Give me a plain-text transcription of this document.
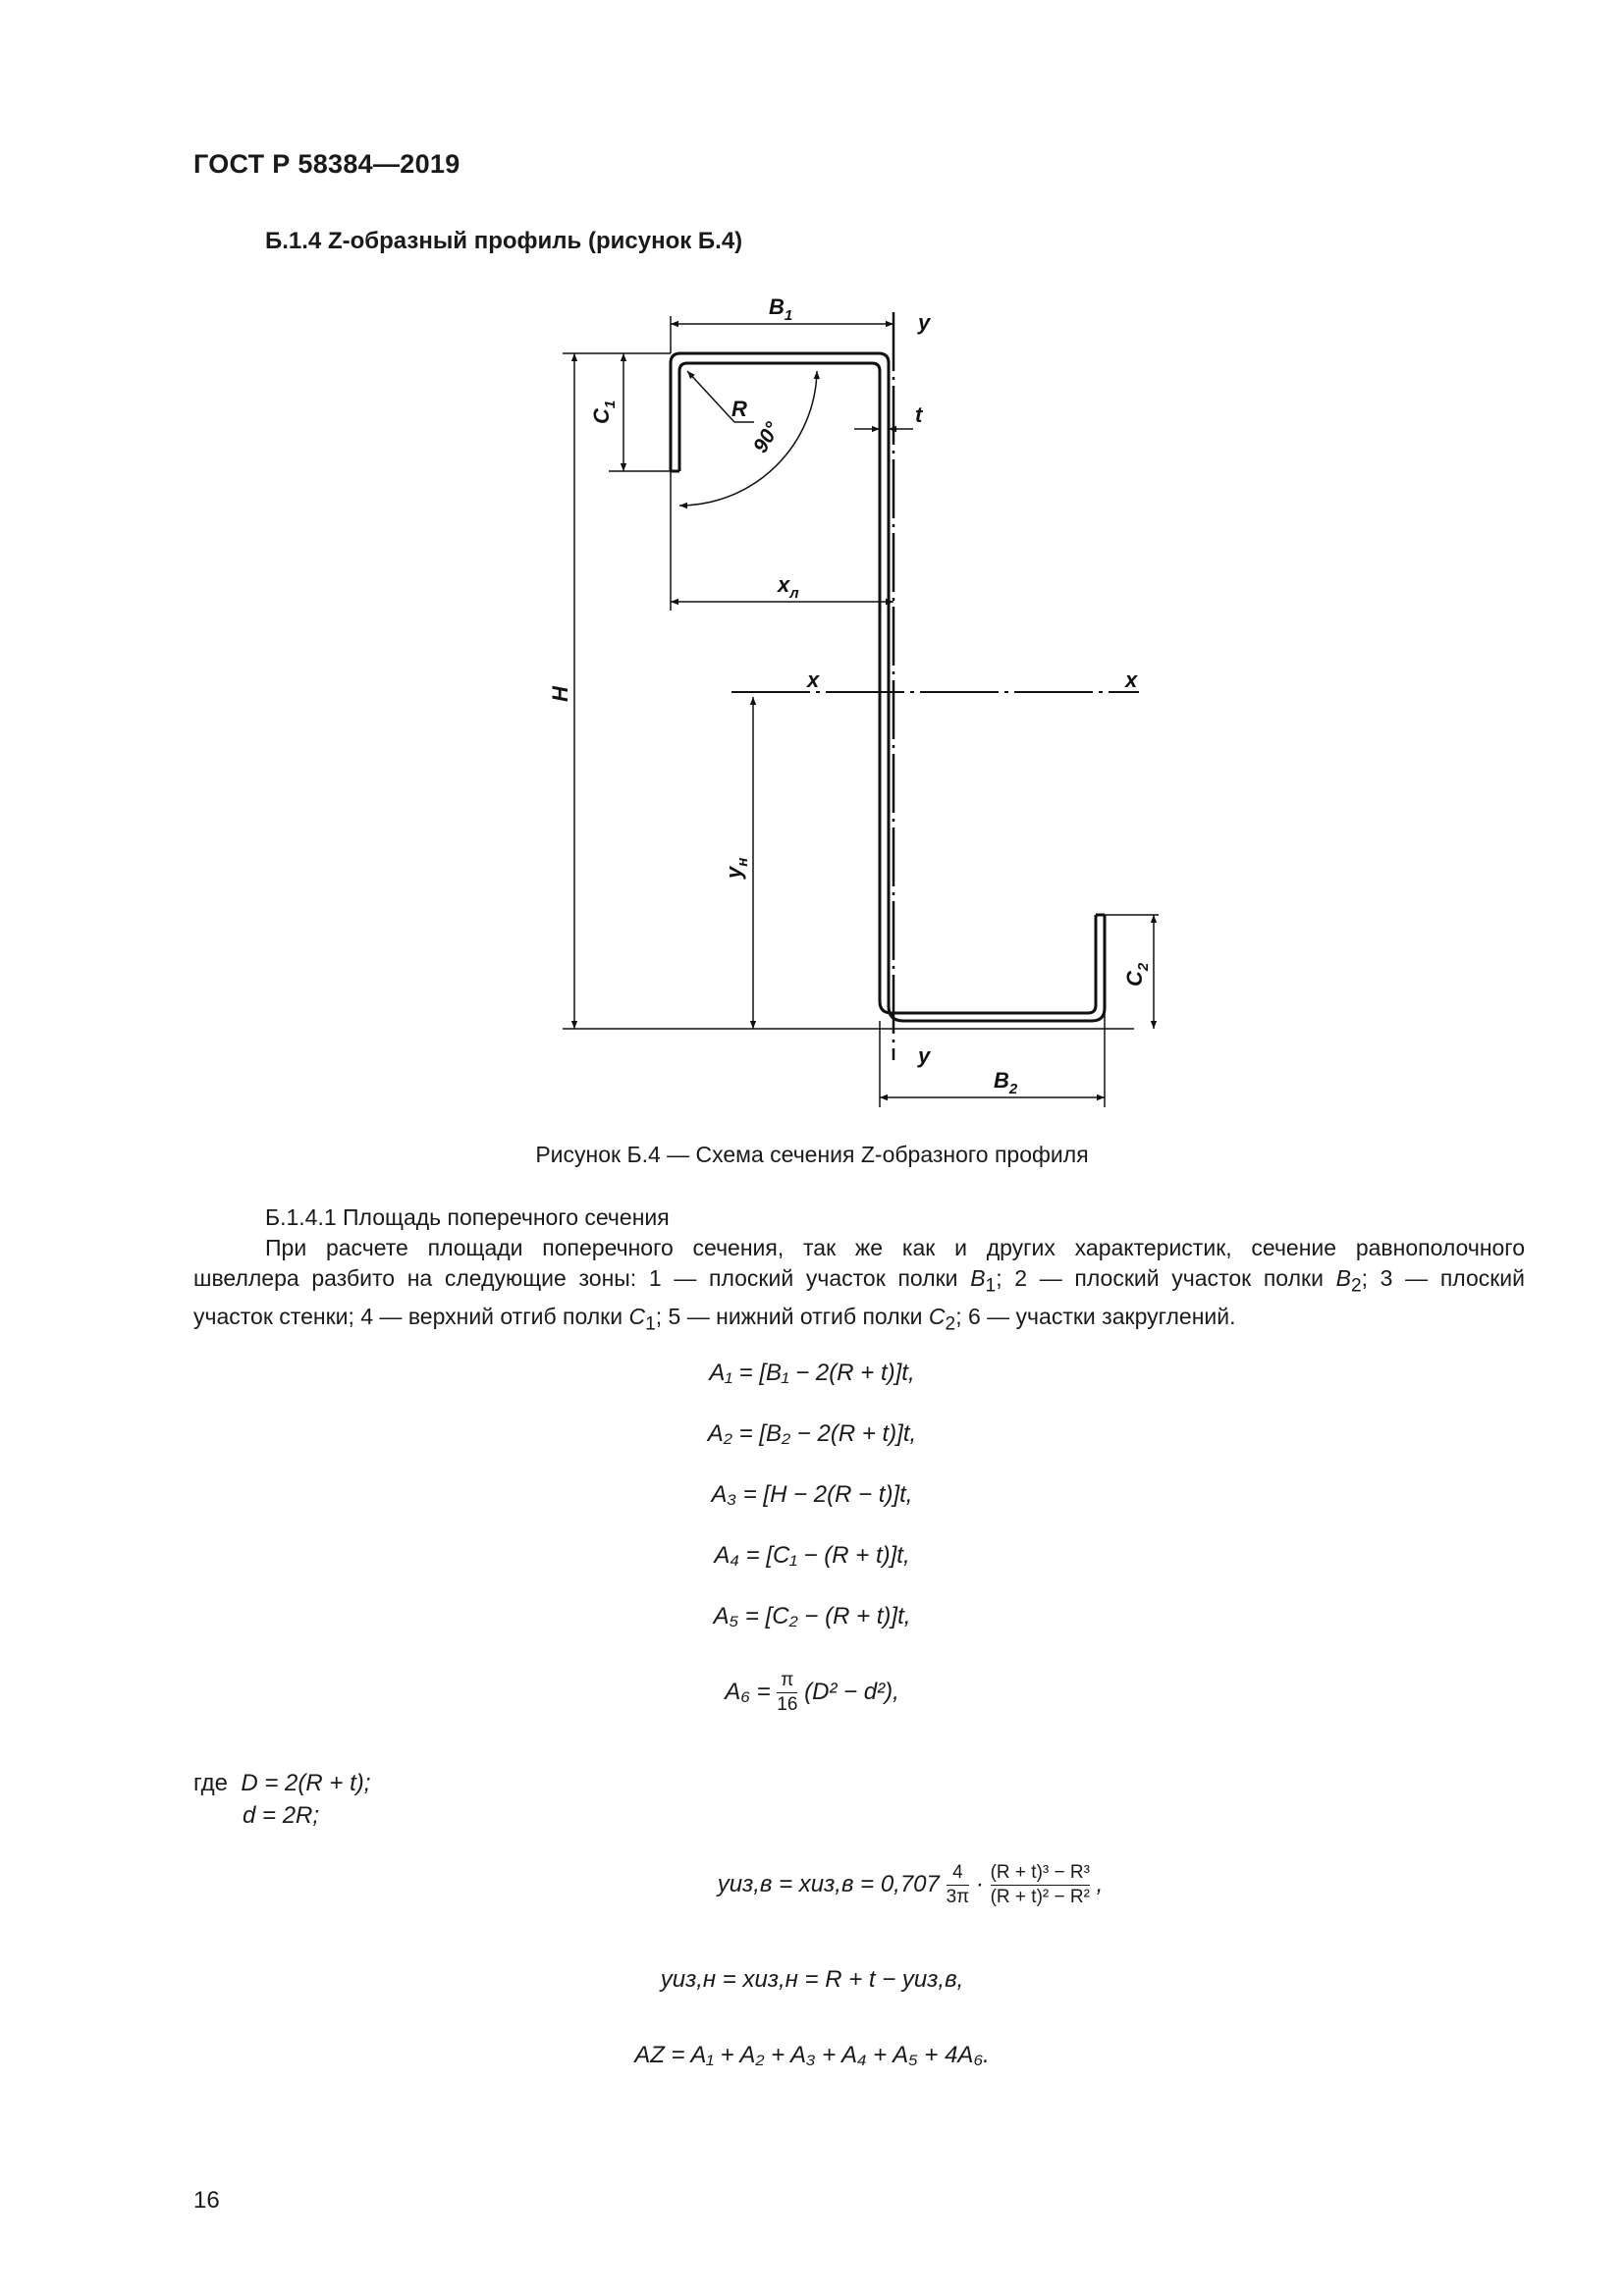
ГОСТ Р 58384—2019
Б.1.4 Z-образный профиль (рисунок Б.4)
$B_1$	y
t
R
90°
$C_1$
$x_л$
x	x
H
$y_н$
$C_2$
y
$B_2$
Рисунок Б.4 — Схема сечения Z-образного профиля
Б.1.4.1 Площадь поперечного сечения
При расчете площади поперечного сечения, так же как и других характеристик, сечение равнополочного
швеллера разбито на следующие зоны: 1 — плоский участок полки $B_1$; 2 — плоский участок полки $B_2$; 3 — плоский
участок стенки; 4 — верхний отгиб полки $C_1$; 5 — нижний отгиб полки $C_2$; 6 — участки закруглений.
A₁ = [B₁ − 2(R + t)]t,
A₂ = [B₂ − 2(R + t)]t,
A₃ = [H − 2(R − t)]t,
A₄ = [C₁ − (R + t)]t,
A₅ = [C₂ − (R + t)]t,
$A_6 = \frac{\pi}{16} (D^2 - d^2)$,
где D = 2(R + t);
d = 2R;
$yиз,в = xиз,в = 0,707 \frac{4}{3\pi} \cdot \frac{\text{(R + t)³ − R³}}{\text{(R + t)² − R²}}$ ,
yиз,н = xиз,н = R + t − yиз,в,
AZ = A₁ + A₂ + A₃ + A₄ + A₅ + 4A₆.
16
